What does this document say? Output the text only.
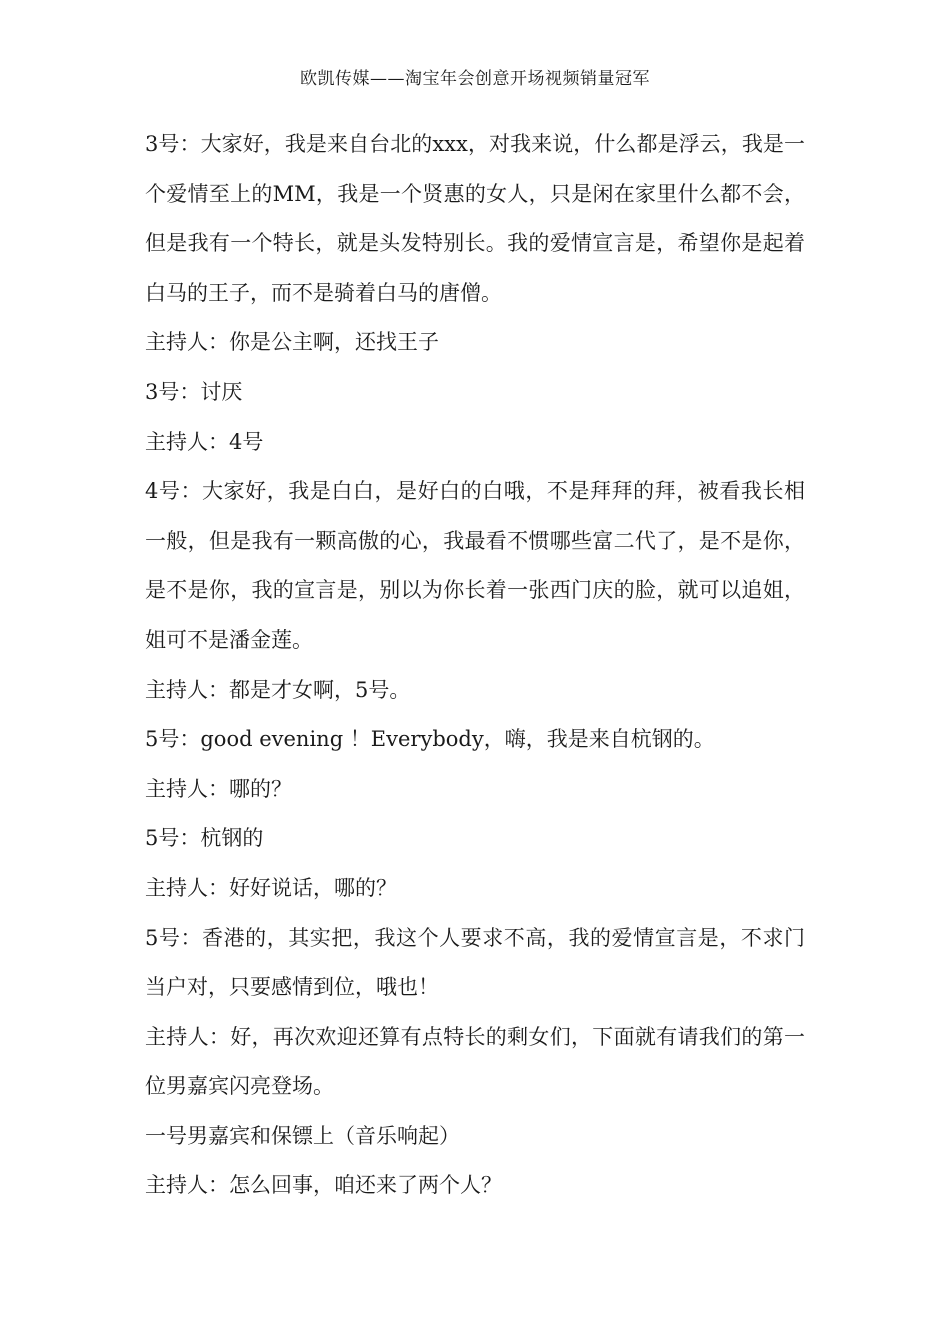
欧凯传媒——淘宝年会创意开场视频销量冠军

3号：大家好，我是来自台北的xxx，对我来说，什么都是浮云，我是一个爱情至上的MM，我是一个贤惠的女人，只是闲在家里什么都不会，但是我有一个特长，就是头发特别长。我的爱情宣言是，希望你是起着白马的王子，而不是骑着白马的唐僧。

主持人：你是公主啊，还找王子

3号：讨厌

主持人：4号

4号：大家好，我是白白，是好白的白哦，不是拜拜的拜，被看我长相一般，但是我有一颗高傲的心，我最看不惯哪些富二代了，是不是你，是不是你，我的宣言是，别以为你长着一张西门庆的脸，就可以追姐，姐可不是潘金莲。

主持人：都是才女啊，5号。

5号：good evening ！Everybody，嗨，我是来自杭钢的。

主持人：哪的？

5号：杭钢的

主持人：好好说话，哪的？

5号：香港的，其实把，我这个人要求不高，我的爱情宣言是，不求门当户对，只要感情到位，哦也！

主持人：好，再次欢迎还算有点特长的剩女们，下面就有请我们的第一位男嘉宾闪亮登场。

一号男嘉宾和保镖上（音乐响起）

主持人：怎么回事，咱还来了两个人？
